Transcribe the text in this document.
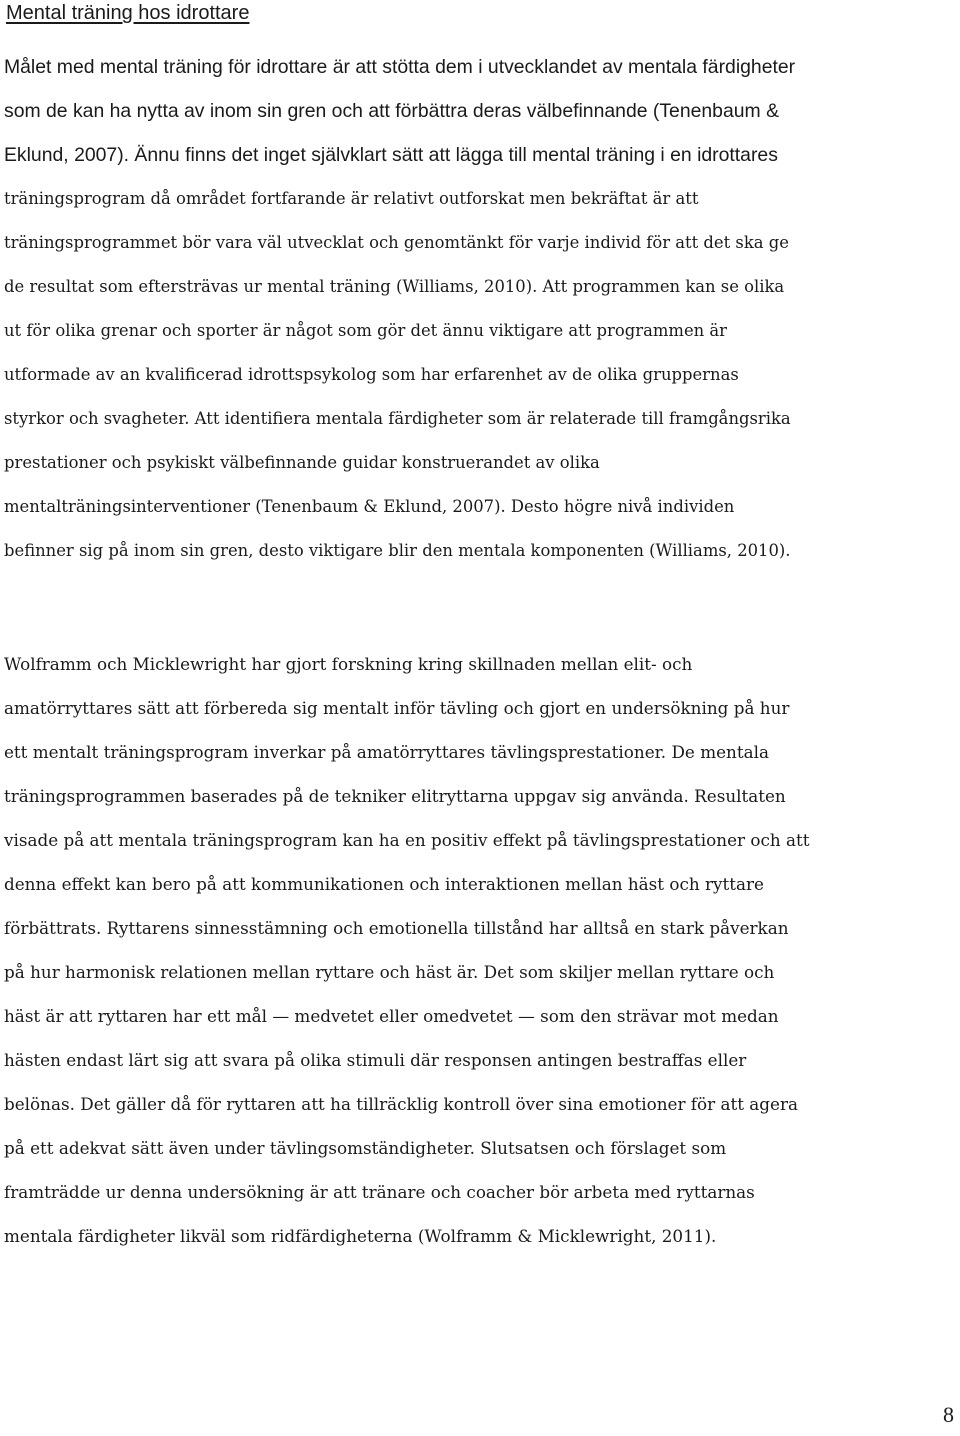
Mental träning hos idrottare
Målet med mental träning för idrottare är att stötta dem i utvecklandet av mentala färdigheter
som de kan ha nytta av inom sin gren och att förbättra deras välbefinnande (Tenenbaum &
Eklund, 2007). Ännu finns det inget självklart sätt att lägga till mental träning i en idrottares
träningsprogram då området fortfarande är relativt outforskat men bekräftat är att
träningsprogrammet bör vara väl utvecklat och genomtänkt för varje individ för att det ska ge
de resultat som eftersträvas ur mental träning (Williams, 2010). Att programmen kan se olika
ut för olika grenar och sporter är något som gör det ännu viktigare att programmen är
utformade av an kvalificerad idrottspsykolog som har erfarenhet av de olika gruppernas
styrkor och svagheter. Att identifiera mentala färdigheter som är relaterade till framgångsrika
prestationer och psykiskt välbefinnande guidar konstruerandet av olika
mentalträningsinterventioner (Tenenbaum & Eklund, 2007). Desto högre nivå individen
befinner sig på inom sin gren, desto viktigare blir den mentala komponenten (Williams, 2010).
Wolframm och Micklewright har gjort forskning kring skillnaden mellan elit- och
amatörryttares sätt att förbereda sig mentalt inför tävling och gjort en undersökning på hur
ett mentalt träningsprogram inverkar på amatörryttares tävlingsprestationer. De mentala
träningsprogrammen baserades på de tekniker elitryttarna uppgav sig använda. Resultaten
visade på att mentala träningsprogram kan ha en positiv effekt på tävlingsprestationer och att
denna effekt kan bero på att kommunikationen och interaktionen mellan häst och ryttare
förbättrats. Ryttarens sinnesstämning och emotionella tillstånd har alltså en stark påverkan
på hur harmonisk relationen mellan ryttare och häst är. Det som skiljer mellan ryttare och
häst är att ryttaren har ett mål — medvetet eller omedvetet — som den strävar mot medan
hästen endast lärt sig att svara på olika stimuli där responsen antingen bestraffas eller
belönas. Det gäller då för ryttaren att ha tillräcklig kontroll över sina emotioner för att agera
på ett adekvat sätt även under tävlingsomständigheter. Slutsatsen och förslaget som
framträdde ur denna undersökning är att tränare och coacher bör arbeta med ryttarnas
mentala färdigheter likväl som ridfärdigheterna (Wolframm & Micklewright, 2011).

8
